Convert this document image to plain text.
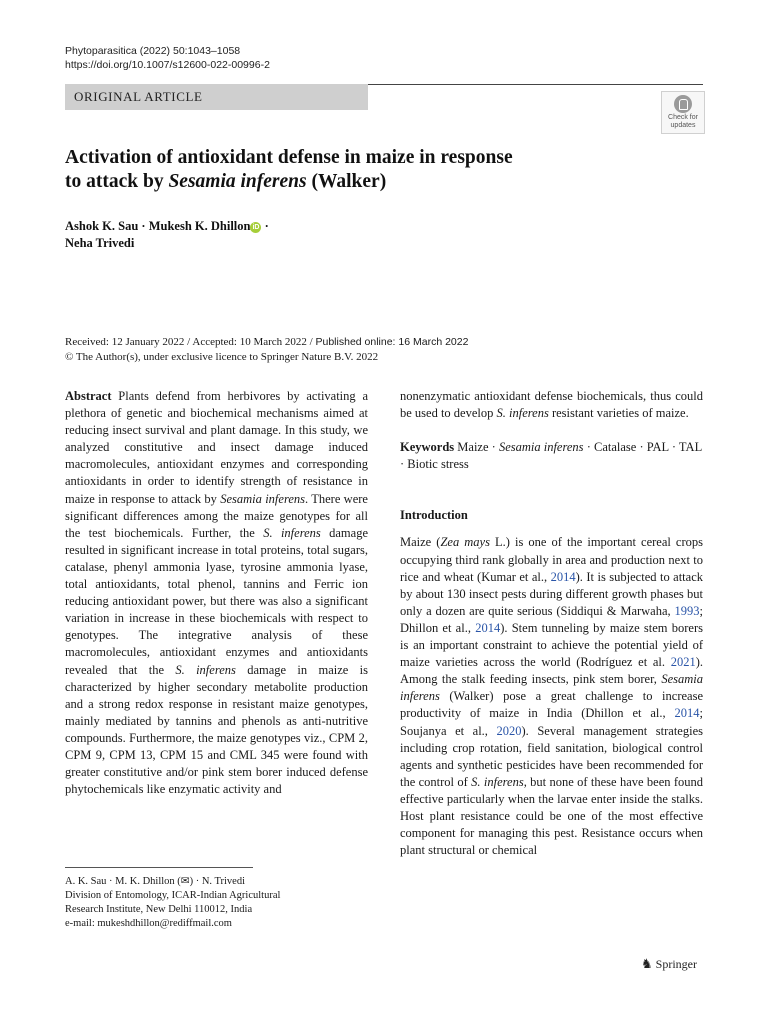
Phytoparasitica (2022) 50:1043–1058
https://doi.org/10.1007/s12600-022-00996-2
ORIGINAL ARTICLE
Check for
updates
Activation of antioxidant defense in maize in response
to attack by Sesamia inferens (Walker)
Ashok K. Sau · Mukesh K. Dhillon iD ·
Neha Trivedi
Received: 12 January 2022 / Accepted: 10 March 2022 / Published online: 16 March 2022
© The Author(s), under exclusive licence to Springer Nature B.V. 2022
Abstract Plants defend from herbivores by activating a plethora of genetic and biochemical mechanisms aimed at reducing insect survival and plant damage. In this study, we analyzed constitutive and insect damage induced macromolecules, antioxidant enzymes and corresponding antioxidants in order to identify strength of resistance in maize in response to attack by Sesamia inferens. There were significant differences among the maize genotypes for all the test biochemicals. Further, the S. inferens damage resulted in significant increase in total proteins, total sugars, catalase, phenyl ammonia lyase, tyrosine ammonia lyase, total antioxidants, total phenol, tannins and Ferric ion reducing antioxidant power, but there was also a significant variation in increase in these biochemicals with respect to genotypes. The integrative analysis of these macromolecules, antioxidant enzymes and antioxidants revealed that the S. inferens damage in maize is characterized by higher secondary metabolite production and a strong redox response in resistant maize genotypes, mainly mediated by tannins and phenols as anti-nutritive compounds. Furthermore, the maize genotypes viz., CPM 2, CPM 9, CPM 13, CPM 15 and CML 345 were found with greater constitutive and/or pink stem borer induced defense phytochemicals like enzymatic activity and
nonenzymatic antioxidant defense biochemicals, thus could be used to develop S. inferens resistant varieties of maize.
Keywords Maize · Sesamia inferens · Catalase · PAL · TAL · Biotic stress
Introduction
Maize (Zea mays L.) is one of the important cereal crops occupying third rank globally in area and production next to rice and wheat (Kumar et al., 2014). It is subjected to attack by about 130 insect pests during different growth phases but only a dozen are quite serious (Siddiqui & Marwaha, 1993; Dhillon et al., 2014). Stem tunneling by maize stem borers is an important constraint to achieve the potential yield of maize varieties across the world (Rodríguez et al. 2021). Among the stalk feeding insects, pink stem borer, Sesamia inferens (Walker) pose a great challenge to increase productivity of maize in India (Dhillon et al., 2014; Soujanya et al., 2020). Several management strategies including crop rotation, field sanitation, biological control agents and synthetic pesticides have been recommended for the control of S. inferens, but none of these have been found effective particularly when the larvae enter inside the stalks. Host plant resistance could be one of the most effective component for managing this pest. Resistance occurs when plant structural or chemical
A. K. Sau · M. K. Dhillon (✉) · N. Trivedi
Division of Entomology, ICAR-Indian Agricultural
Research Institute, New Delhi 110012, India
e-mail: mukeshdhillon@rediffmail.com
♞ Springer
